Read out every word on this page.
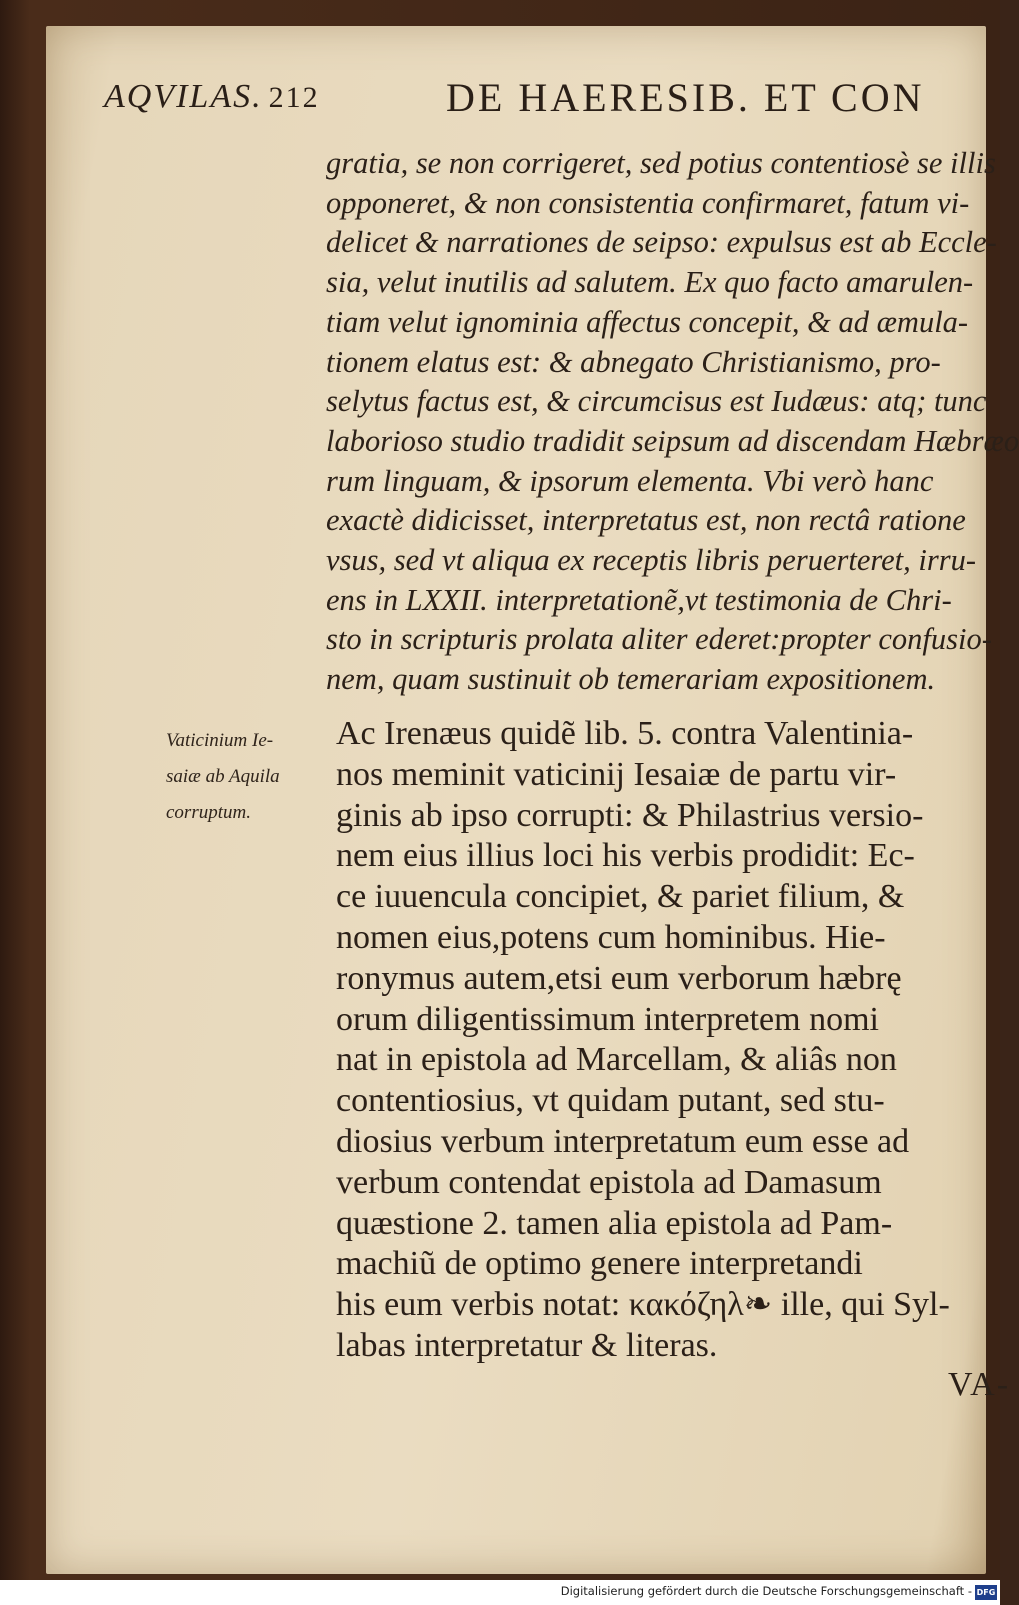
AQVILAS. 212	DE HAERESIB. ET CON
gratia, se non corrigeret, sed potius contentiosè se illis
opponeret, & non consistentia confirmaret, fatum vi-
delicet & narrationes de seipso: expulsus est ab Eccle-
sia, velut inutilis ad salutem. Ex quo facto amarulen-
tiam velut ignominia affectus concepit, & ad æmula-
tionem elatus est: & abnegato Christianismo, pro-
selytus factus est, & circumcisus est Iudæus: atq; tunc
laborioso studio tradidit seipsum ad discendam Hæbræo
rum linguam, & ipsorum elementa. Vbi verò hanc
exactè didicisset, interpretatus est, non rectâ ratione
vsus, sed vt aliqua ex receptis libris peruerteret, irru-
ens in LXXII. interpretationẽ,vt testimonia de Chri-
sto in scripturis prolata aliter ederet:propter confusio-
nem, quam sustinuit ob temerariam expositionem.
Vaticinium Ie-
saiæ ab Aquila
corruptum.
Ac Irenæus quidẽ lib. 5. contra Valentinia-
nos meminit vaticinij Iesaiæ de partu vir-
ginis ab ipso corrupti: & Philastrius versio-
nem eius illius loci his verbis prodidit: Ec-
ce iuuencula concipiet, & pariet filium, &
nomen eius,potens cum hominibus. Hie-
ronymus autem,etsi eum verborum hæbrę
orum diligentissimum interpretem nomi
nat in epistola ad Marcellam, & aliâs non
contentiosius, vt quidam putant, sed stu-
diosius verbum interpretatum eum esse ad
verbum contendat epistola ad Damasum
quæstione 2. tamen alia epistola ad Pam-
machiũ de optimo genere interpretandi
his eum verbis notat: κακόζηλ❧ ille, qui Syl-
labas interpretatur & literas.
VA-
Digitalisierung gefördert durch die Deutsche Forschungsgemeinschaft - DFG
